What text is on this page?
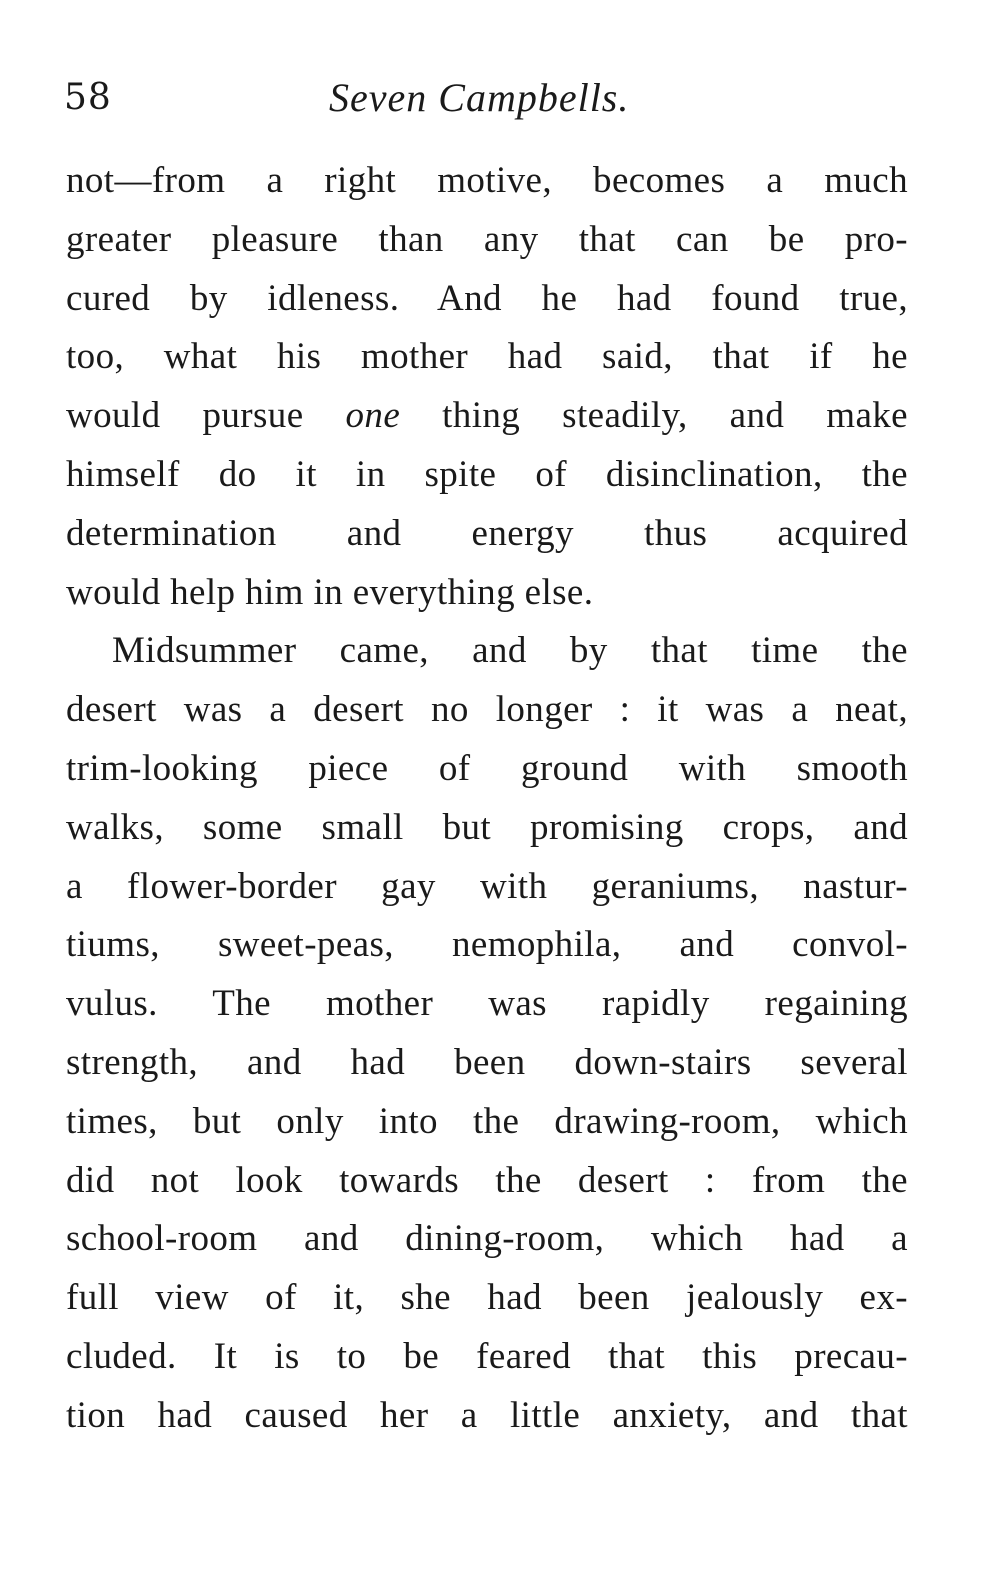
58	Seven Campbells.
not—from a right motive, becomes a much
greater pleasure than any that can be pro-
cured by idleness. And he had found true,
too, what his mother had said, that if he
would pursue one thing steadily, and make
himself do it in spite of disinclination, the
determination and energy thus acquired
would help him in everything else.
Midsummer came, and by that time the
desert was a desert no longer : it was a neat,
trim-looking piece of ground with smooth
walks, some small but promising crops, and
a flower-border gay with geraniums, nastur-
tiums, sweet-peas, nemophila, and convol-
vulus. The mother was rapidly regaining
strength, and had been down-stairs several
times, but only into the drawing-room, which
did not look towards the desert : from the
school-room and dining-room, which had a
full view of it, she had been jealously ex-
cluded. It is to be feared that this precau-
tion had caused her a little anxiety, and that
